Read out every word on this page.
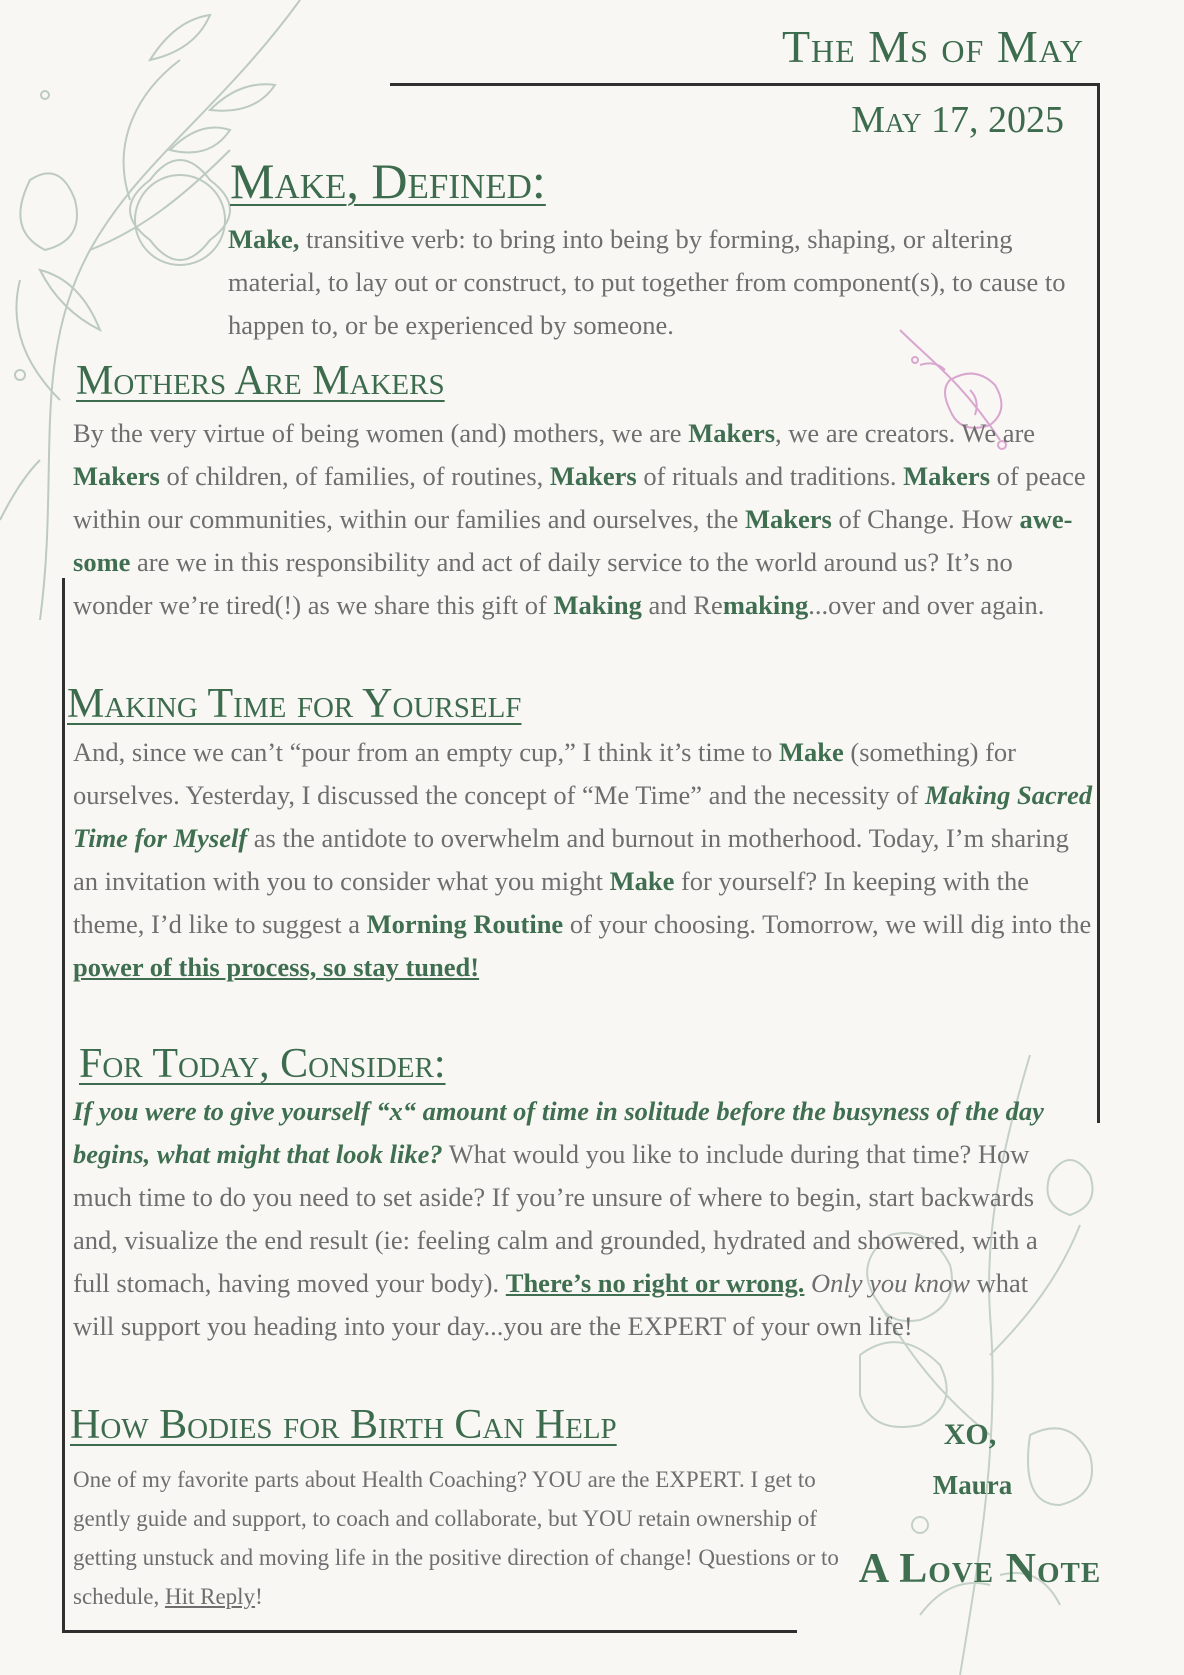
The Ms of May

May 17, 2025

Make, Defined:

Make, transitive verb: to bring into being by forming, shaping, or altering material, to lay out or construct, to put together from component(s), to cause to happen to, or be experienced by someone.

Mothers Are Makers

By the very virtue of being women (and) mothers, we are Makers, we are creators. We are Makers of children, of families, of routines, Makers of rituals and traditions. Makers of peace within our communities, within our families and ourselves, the Makers of Change. How awe-some are we in this responsibility and act of daily service to the world around us? It’s no wonder we’re tired(!) as we share this gift of Making and Remaking...over and over again.

Making Time for Yourself

And, since we can’t “pour from an empty cup,” I think it’s time to Make (something) for ourselves. Yesterday, I discussed the concept of “Me Time” and the necessity of Making Sacred Time for Myself as the antidote to overwhelm and burnout in motherhood. Today, I’m sharing an invitation with you to consider what you might Make for yourself? In keeping with the theme, I’d like to suggest a Morning Routine of your choosing. Tomorrow, we will dig into the power of this process, so stay tuned!

For Today, Consider:

If you were to give yourself “x“ amount of time in solitude before the busyness of the day begins, what might that look like? What would you like to include during that time? How much time to do you need to set aside? If you’re unsure of where to begin, start backwards and, visualize the end result (ie: feeling calm and grounded, hydrated and showered, with a full stomach, having moved your body). There’s no right or wrong. Only you know what will support you heading into your day...you are the EXPERT of your own life!

How Bodies for Birth Can Help

One of my favorite parts about Health Coaching? YOU are the EXPERT. I get to gently guide and support, to coach and collaborate, but YOU retain ownership of getting unstuck and moving life in the positive direction of change! Questions or to schedule, Hit Reply!

XO,

Maura

A Love Note
